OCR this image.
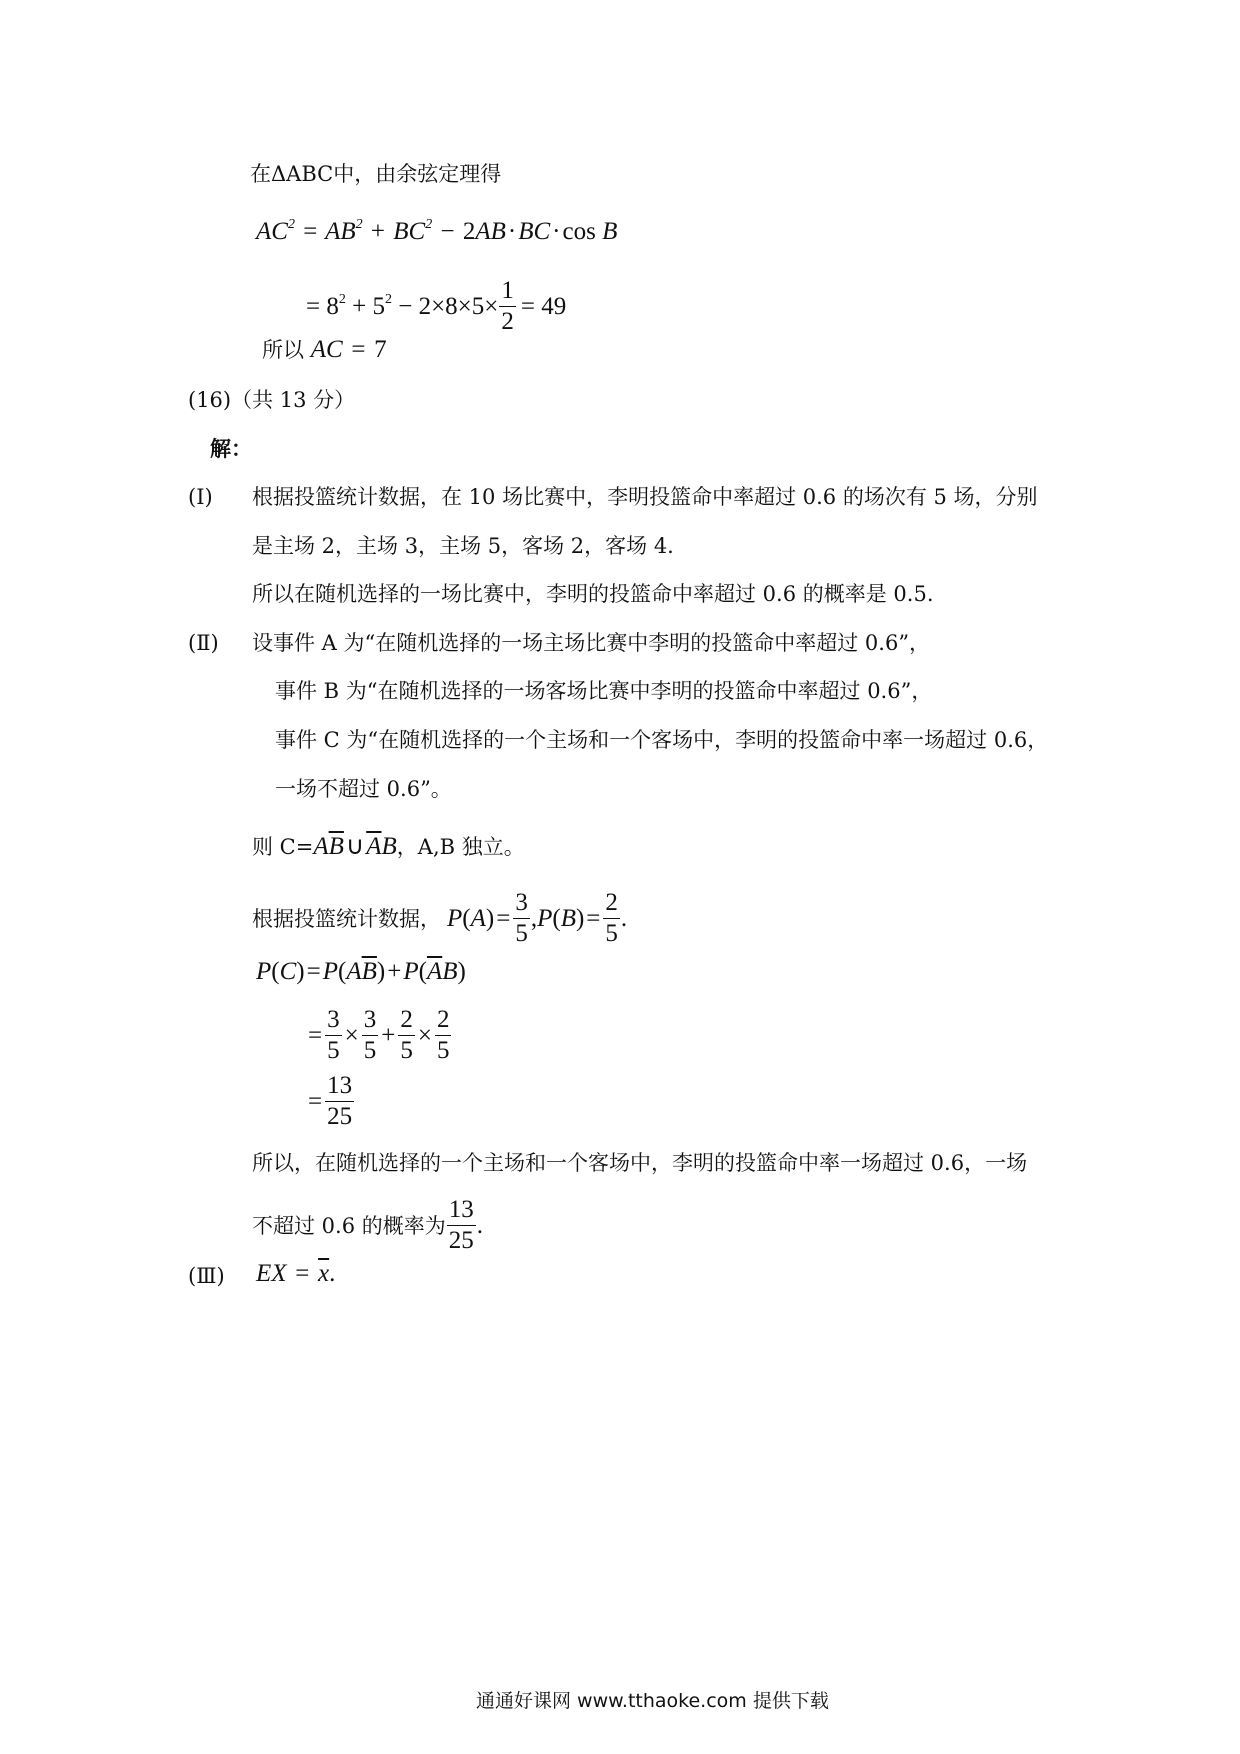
在ΔABC中，由余弦定理得
$AC^2 = AB^2 + BC^2 - 2AB\cdot BC\cdot\cos$ B
= $8^2 + 5^2 - 2\times 8\times 5\times \frac{1}{2} = 49$
所以 AC = 7
(16)（共 13 分）
解：
(Ⅰ) 根据投篮统计数据，在 10 场比赛中，李明投篮命中率超过 0.6 的场次有 5 场，分别
是主场 2，主场 3，主场 5，客场 2，客场 4.
所以在随机选择的一场比赛中，李明的投篮命中率超过 0.6 的概率是 0.5.
(Ⅱ) 设事件 A 为“在随机选择的一场主场比赛中李明的投篮命中率超过 0.6”，
事件 B 为“在随机选择的一场客场比赛中李明的投篮命中率超过 0.6”，
事件 C 为“在随机选择的一个主场和一个客场中，李明的投篮命中率一场超过 0.6，
一场不超过 0.6”。
则 $C=A\overline{B}\cup\overline{A}B$，A,B 独立。
根据投篮统计数据， P ( A ) = $\frac{3}{5}$ , P ( B ) = $\frac{2}{5}$ .
$P(C)=P(A\overline{B})+P(\overline{A}B)$
= $\frac{3}{5} \times \frac{3}{5} + \frac{2}{5} \times \frac{2}{5}$
= $\frac{13}{25}$
所以，在随机选择的一个主场和一个客场中，李明的投篮命中率一场超过 0.6，一场
不超过 0.6 的概率为 $\frac{13}{25}$ .
(Ⅲ) EX = $\overline{x}$.
通通好课网 www.tthaoke.com 提供下载
